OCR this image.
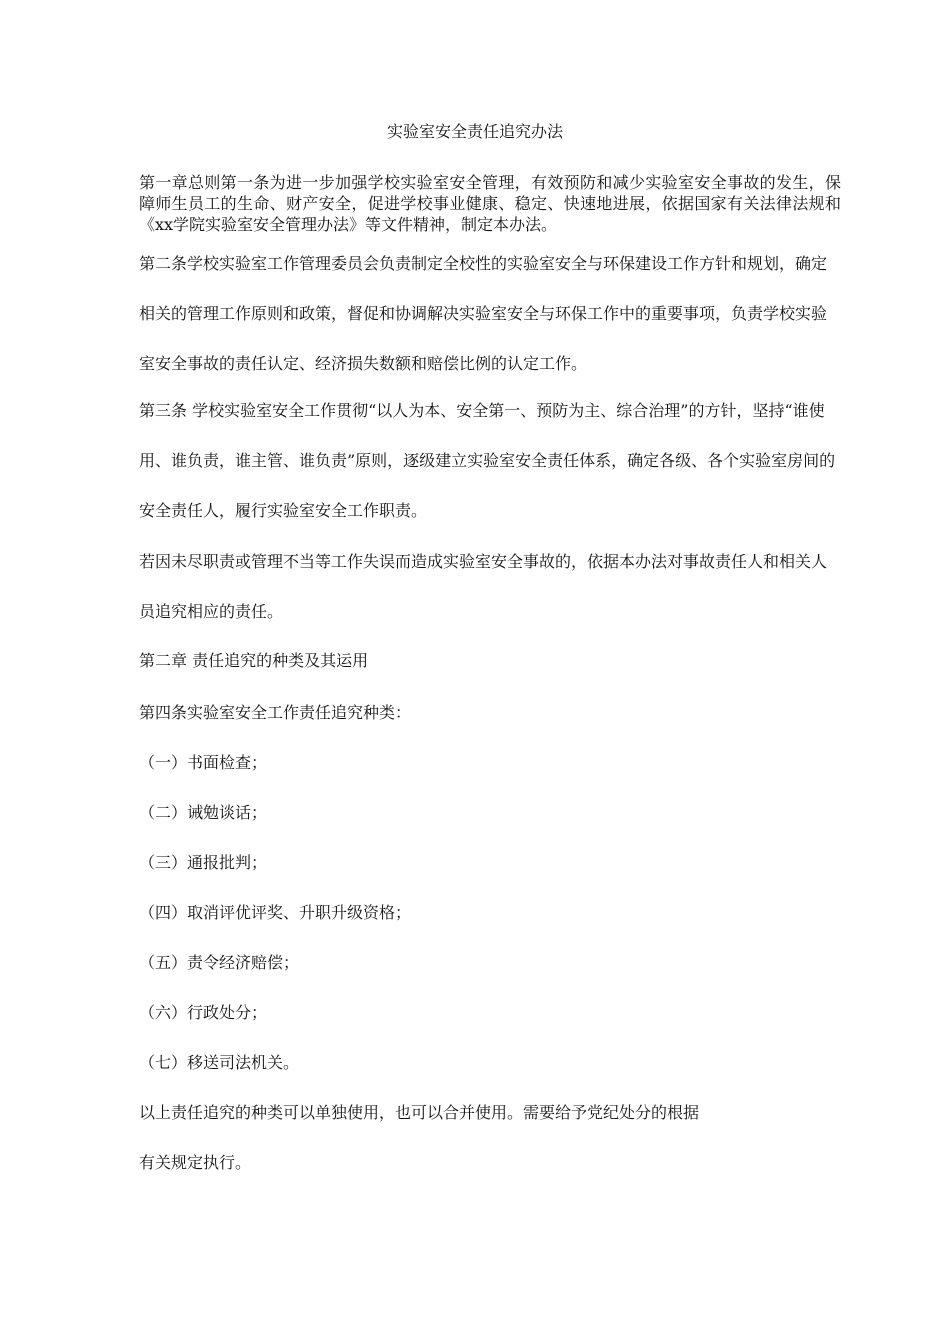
实验室安全责任追究办法

第一章总则第一条为进一步加强学校实验室安全管理，有效预防和减少实验室安全事故的发生，保障师生员工的生命、财产安全，促进学校事业健康、稳定、快速地进展，依据国家有关法律法规和《xx学院实验室安全管理办法》等文件精神，制定本办法。

第二条学校实验室工作管理委员会负责制定全校性的实验室安全与环保建设工作方针和规划，确定相关的管理工作原则和政策，督促和协调解决实验室安全与环保工作中的重要事项，负责学校实验室安全事故的责任认定、经济损失数额和赔偿比例的认定工作。

第三条 学校实验室安全工作贯彻“以人为本、安全第一、预防为主、综合治理”的方针，坚持“谁使用、谁负责，谁主管、谁负责”原则，逐级建立实验室安全责任体系，确定各级、各个实验室房间的安全责任人，履行实验室安全工作职责。

若因未尽职责或管理不当等工作失误而造成实验室安全事故的，依据本办法对事故责任人和相关人员追究相应的责任。

第二章 责任追究的种类及其运用
第四条实验室安全工作责任追究种类：
（一）书面检查；
（二）诫勉谈话；
（三）通报批判；
（四）取消评优评奖、升职升级资格；
（五）责令经济赔偿；
（六）行政处分；
（七）移送司法机关。
以上责任追究的种类可以单独使用，也可以合并使用。需要给予党纪处分的根据
有关规定执行。
